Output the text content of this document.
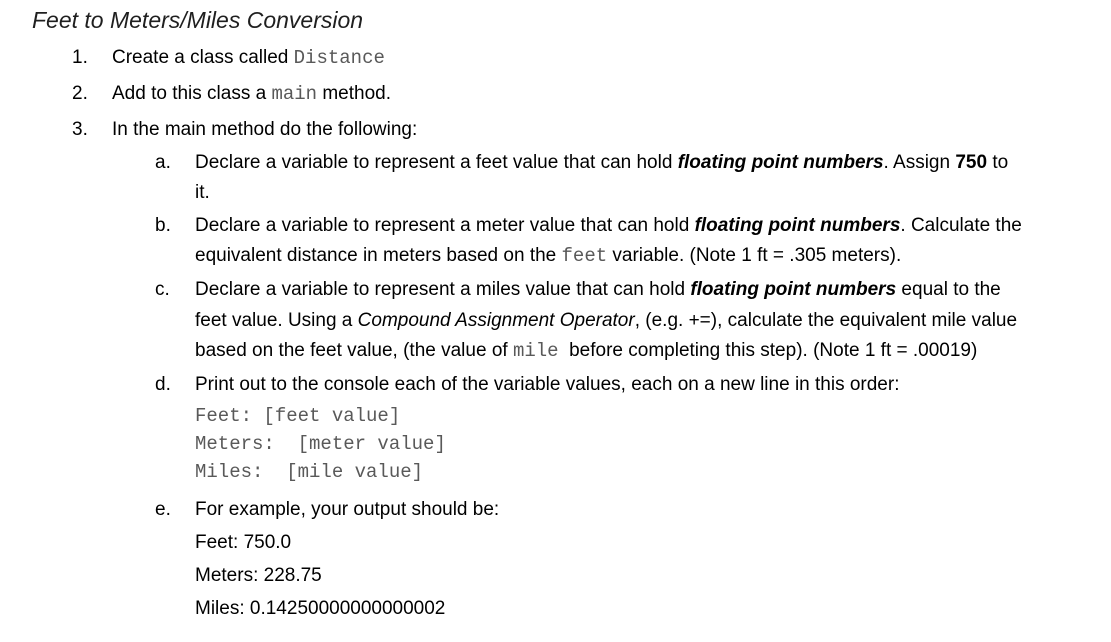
Feet to Meters/Miles Conversion
1. Create a class called Distance
2. Add to this class a main method.
3. In the main method do the following:
a. Declare a variable to represent a feet value that can hold floating point numbers. Assign 750 to
it.
b. Declare a variable to represent a meter value that can hold floating point numbers. Calculate the
equivalent distance in meters based on the feet variable. (Note 1 ft = .305 meters).
c. Declare a variable to represent a miles value that can hold floating point numbers equal to the
feet value. Using a Compound Assignment Operator, (e.g. +=), calculate the equivalent mile value
based on the feet value, (the value of mile  before completing this step). (Note 1 ft = .00019)
d. Print out to the console each of the variable values, each on a new line in this order:
Feet: [feet value]
Meters:  [meter value]
Miles:  [mile value]
e. For example, your output should be:
Feet: 750.0
Meters: 228.75
Miles: 0.14250000000000002
